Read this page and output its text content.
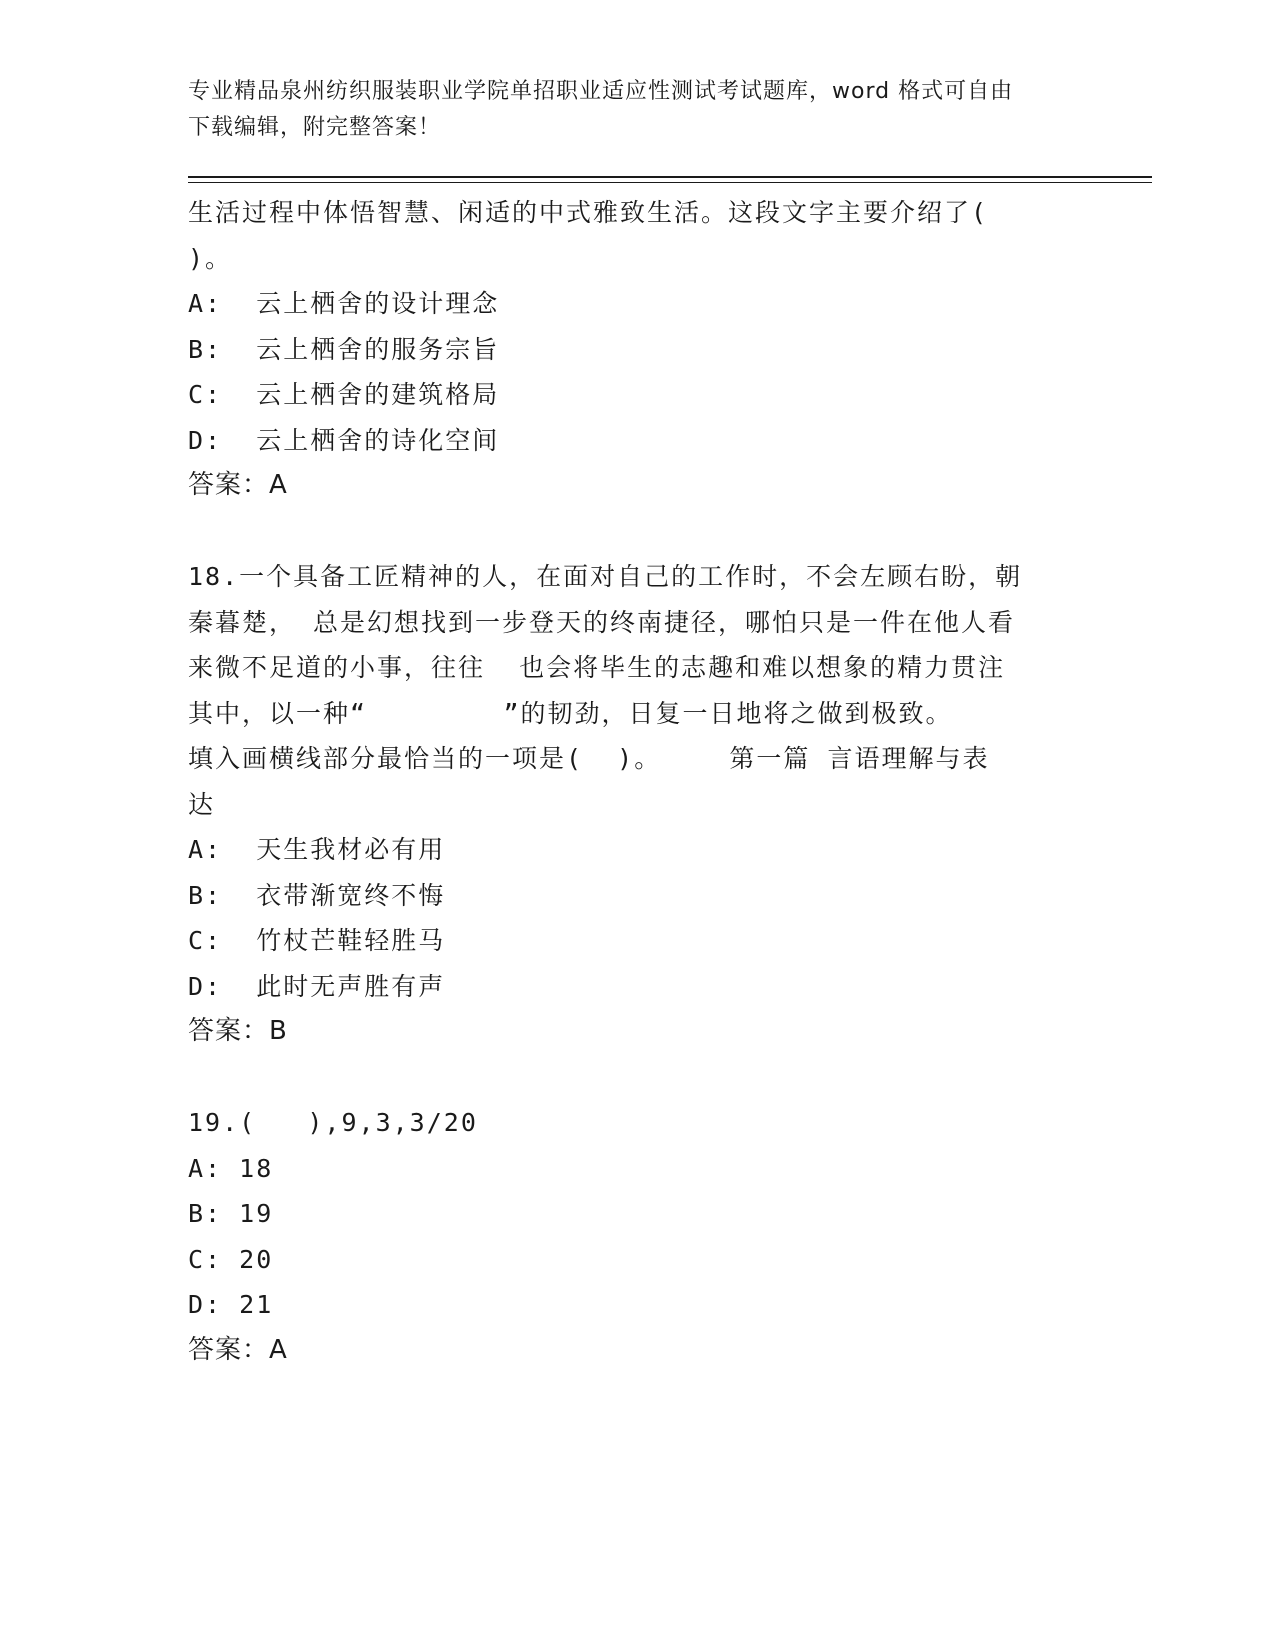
专业精品泉州纺织服装职业学院单招职业适应性测试考试题库，word 格式可自由
下载编辑，附完整答案！
生活过程中体悟智慧、闲适的中式雅致生活。这段文字主要介绍了(
)。
A:  云上栖舍的设计理念
B:  云上栖舍的服务宗旨
C:  云上栖舍的建筑格局
D:  云上栖舍的诗化空间
答案：A
18.一个具备工匠精神的人，在面对自己的工作时，不会左顾右盼，朝
秦暮楚， 总是幻想找到一步登天的终南捷径，哪怕只是一件在他人看
来微不足道的小事，往往  也会将毕生的志趣和难以想象的精力贯注
其中，以一种“        ”的韧劲，日复一日地将之做到极致。
填入画横线部分最恰当的一项是(  )。    第一篇 言语理解与表
达
A:  天生我材必有用
B:  衣带渐宽终不悔
C:  竹杖芒鞋轻胜马
D:  此时无声胜有声
答案：B
19.(   ),9,3,3/20
A: 18
B: 19
C: 20
D: 21
答案：A
